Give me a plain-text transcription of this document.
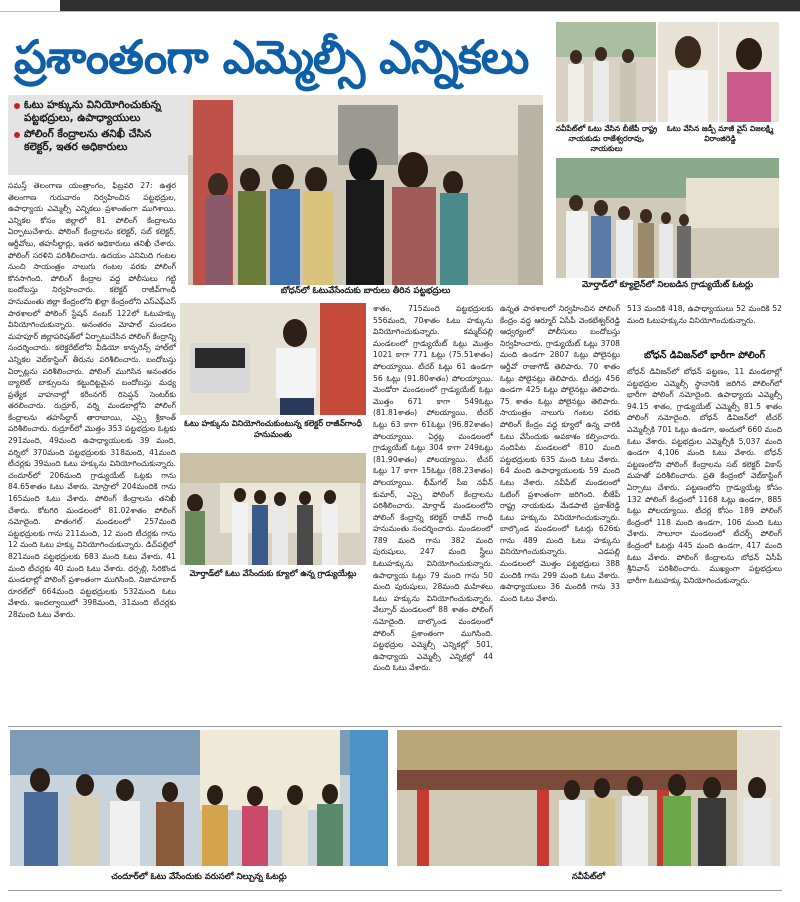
ప్రశాంతంగా ఎమ్మెల్సీ ఎన్నికలు
ఓటు హక్కును వినియోగించుకున్న పట్టభద్రులు, ఉపాధ్యాయులు
పోలింగ్ కేంద్రాలను తనిఖీ చేసిన కలెక్టర్, ఇతర అధికారులు
బోధన్‌లో ఓటువేసేందుకు బారులు తీరిన పట్టభద్రులు
నవీపేట్‌లో ఓటు వేసిన బీజేపీ రాష్ట్ర నాయకుడు రాజేశ్వరరావు, నాయకులు
ఓటు వేసిన జడ్పీ మాజీ వైస్ విజలక్ష్మి విరాంజిరెడ్డి
మోర్తాడ్‌లో క్యూలైన్‌లో నిలబడిన గ్రాడ్యుయేట్ ఓటర్లు
సమస్త్ తెలంగాణ యంత్రాంగం, ఫిబ్రవరి 27: ఉత్తర తెలంగాణ గురువారం నిర్వహించిన పట్టభద్రుల, ఉపాధ్యాయ ఎమ్మెల్సీ ఎన్నికలు ప్రశాంతంగా ముగిశాయి. ఎన్నికల కోసం జిల్లాలో 81 పోలింగ్ కేంద్రాలను ఏర్పాటుచేశారు. పోలింగ్ కేంద్రాలను కలెక్టర్, సబ్ కలెక్టర్, ఆర్డీవోలు, తహసీల్దార్లు, ఇతర అధికారులు తనిఖీ చేశారు. పోలింగ్ సరళిని పరిశీలించారు. ఉదయం ఎనిమిది గంటల నుంచి సాయంత్రం నాలుగు గంటల వరకు పోలింగ్ కొనసాగింది. పోలింగ్ కేంద్రాల వద్ద పోలీసులు గట్టి బందోబస్తు నిర్వహించారు. కలెక్టర్ రాజీవ్‌గాంధీ హనుమంతు జిల్లా కేంద్రంలోని ఖిల్లా కేంద్రంలోని ఎస్ఎఫ్ఎస్ పాఠశాలలో పోలింగ్ స్టేషన్ నంబర్ 122లో ఓటుహక్కు వినియోగించుకున్నారు. అనంతరం మోపాల్ మండలం మహపూర్ జిల్లాపరిషత్‌లో ఏర్పాటుచేసిన పోలింగ్ కేంద్రాన్ని సందర్శించారు. కలెక్టరేట్‌లోని వీడియో కాన్ఫరెన్స్ హాల్‌లో ఎన్నికల వెబ్‌కాస్టింగ్ తీరును పరిశీలించారు. బందోబస్తు ఏర్పాట్లను పరిశీలించారు. పోలింగ్ ముగిసిన అనంతరం బ్యాలెట్ బాక్సులను కట్టుదిట్టమైన బందోబస్తు మధ్య ప్రత్యేక వాహనాల్లో కరీంనగర్ రిసెప్షన్ సెంటర్‌కు తరలించారు. రుద్రూర్, వర్ని మండలాల్లోని పోలింగ్ కేంద్రాలను తహసీల్దార్ తారాబాయి, ఎస్సై శ్రీకాంత్ పరిశీలించారు. రుద్రూర్‌లో మొత్తం 353 పట్టభద్రుల ఓట్లకు 291మంది, 49మంది ఉపాధ్యాయులకు 39 మంది, వర్నిలో 370మంది పట్టభద్రులకు 318మంది, 41మంది టీచర్లకు 39మంది ఓటు హక్కును వినియోగించుకున్నారు. చందూర్‌లో 206మంది గ్రాడ్యుయేట్ ఓట్లకు గాను 84.65శాతం ఓటు వేశారు. మోస్రాలో 204మందికి గాను 165మంది ఓటు వేశారు. పోలింగ్ కేంద్రాలను తనిఖీ చేశారు. కోటగిరి మండలంలో 81.02శాతం పోలింగ్ నమోదైంది. పొతంగల్ మండలంలో 257మంది పట్టభద్రులకు గాను 211మంది, 12 మంది టీచర్లకు గాను 12 మంది ఓటు హక్కు వినియోగించుకున్నారు. డిచ్‌పల్లిలో 821మంది పట్టభద్రులకు 683 మంది ఓటు వేశారు. 41 మంది టీచర్లకు 40 మంది ఓటు వేశారు. ధర్పల్లి, సిరికొండ మండలాల్లో పోలింగ్ ప్రశాంతంగా ముగిసింది. నిజామాబాద్ రూరల్‌లో 664మంది పట్టభద్రులకు 532మంది ఓటు వేశారు. ఇందల్వాయిలో 398మంది, 31మంది టీచర్లకు 28మంది ఓటు వేశారు.
ఓటు హక్కును వినియోగించుకుంటున్న కలెక్టర్ రాజీవ్‌గాంధీ హనుమంతు
మోర్తాడ్‌లో ఓటు వేసేందుకు క్యూలో ఉన్న గ్రాడ్యుయేట్లు
శాతం, 715మంది పట్టభద్రులకు 556మంది, 70శాతం ఓటు హక్కును వినియోగించుకున్నారు. కమ్మర్‌పల్లి మండలంలో గ్రాడ్యుయేట్ ఓట్లు మొత్తం 1021 కాగా 771 ఓట్లు (75.51శాతం) పోలయ్యాయి. టీచర్ ఓట్లు 61 ఉండగా 56 ఓట్లు (91.80శాతం) పోలయ్యాయి. మెండోరా మండలంలో గ్రాడ్యుయేట్ ఓట్లు మొత్తం 671 కాగా 549ఓట్లు (81.81శాతం) పోలయ్యాయి. టీచర్ ఓట్లు 63 కాగా 61ఓట్లు (96.82శాతం) పోలయ్యాయి. ఏర్గట్ల మండలంలో గ్రాడ్యుయేట్ ఓట్లు 304 కాగా 249ఓట్లు (81.90శాతం) పోలయ్యాయి. టీచర్ ఓట్లు 17 కాగా 15ఓట్లు (88.23శాతం) పోలయ్యాయి. భీమ్‌గల్ సీఐ నవీన్ కుమార్, ఎస్సై పోలింగ్ కేంద్రాలను పరిశీలించారు. మోర్తాడ్ మండలంలోని పోలింగ్ కేంద్రాన్ని కలెక్టర్ రాజీవ్ గాంధీ హనుమంతు సందర్శించారు. మండలంలో 789 మంది గాను 382 మంది పురుషులు, 247 మంది స్త్రీలు ఓటుహక్కును వినియోగించుకున్నారు. ఉపాధ్యాయ ఓట్లు 79 మంది గాను 50 మంది పురుషులు, 28మంది మహిళలు ఓటు హక్కును వినియోగించుకున్నారు. వేల్పూర్ మండలంలో 88 శాతం పోలింగ్ నమోదైంది. బాల్కొండ మండలంలో పోలింగ్ ప్రశాంతంగా ముగిసింది. పట్టభద్రుల ఎమ్మెల్సీ ఎన్నికల్లో 501, ఉపాధ్యాయ ఎమ్మెల్సీ ఎన్నికల్లో 44 మంది ఓటు వేశారు.
ఉన్నత పాఠశాలలో నిర్వహించిన పోలింగ్ కేంద్రం వద్ద ఆర్మూర్ ఏసీపీ వెంకటేశ్వర్‌రెడ్డి ఆధ్వర్యంలో పోలీసులు బందోబస్తు నిర్వహించారు. గ్రాడ్యుయేట్ ఓట్లు 3708 మంది ఉండగా 2807 ఓట్లు పోలైనట్లు ఆర్డీవో రాజాగౌడ్ తెలిపారు. 70 శాతం ఓట్లు పోలైనట్లు తెలిపారు. టీచర్లు 456 ఉండగా 425 ఓట్లు పోలైనట్లు తెలిపారు. 75 శాతం ఓట్లు పోలైనట్లు తెలిపారు. సాయంత్రం నాలుగు గంటల వరకు పోలింగ్ కేంద్రం వద్ద క్యూలో ఉన్న వారికి ఓటు వేసేందుకు అవకాశం కల్పించారు. నందిపేట మండలంలో 810 మంది పట్టభద్రులకు 635 మంది ఓటు వేశారు. 64 మంది ఉపాధ్యాయులకు 59 మంది ఓటు వేశారు. నవీపేట్ మండలంలో ఓటింగ్ ప్రశాంతంగా జరిగింది. బీజేపీ రాష్ట్ర నాయకుడు మేడపాటి ప్రకాశ్‌రెడ్డి ఓటు హక్కును వినియోగించుకున్నారు. బాల్కొండ మండలంలో ఓటర్లు 626కు గాను 489 మంది ఓటు హక్కును వినియోగించుకున్నారు. ఎడపల్లి మండలంలో మొత్తం పట్టభద్రులు 388 మందికి గాను 299 మంది ఓటు వేశారు. ఉపాధ్యాయులు 36 మందికి గాను 33 మంది ఓటు వేశారు.
513 మందికి 418, ఉపాధ్యాయులు 52 మందికి 52 మంది ఓటుహక్కును వినియోగించుకున్నారు.
బోధన్ డివిజన్‌లో భారీగా పోలింగ్
బోధన్ డివిజన్‌లో బోధన్ పట్టణం, 11 మండలాల్లో పట్టభద్రుల ఎమ్మెల్సీ స్థానానికి జరిగిన పోలింగ్‌లో భారీగా పోలింగ్ నమోదైంది. ఉపాధ్యాయ ఎమ్మెల్సీ 94.15 శాతం, గ్రాడ్యుయేట్ ఎమ్మెల్సీ 81.5 శాతం పోలింగ్ నమోదైంది. బోధన్ డివిజన్‌లో టీచర్ ఎమ్మెల్సీకి 701 ఓట్లు ఉండగా, అందులో 660 మంది ఓటు వేశారు. పట్టభద్రుల ఎమ్మెల్సీకి 5,037 మంది ఉండగా 4,106 మంది ఓటు వేశారు. బోధన్ పట్టణంలోని పోలింగ్ కేంద్రాలను సబ్ కలెక్టర్ వికాస్ మహతో పరిశీలించారు. ప్రతి కేంద్రంలో వెబ్‌కాస్టింగ్ ఏర్పాటు చేశారు. పట్టణంలోని గ్రాడ్యుయేట్ల కోసం 132 పోలింగ్ కేంద్రంలో 1168 ఓట్లు ఉండగా, 885 ఓట్లు పోలయ్యాయి. టీచర్ల కోసం 189 పోలింగ్ కేంద్రంలో 118 మంది ఉండగా, 106 మంది ఓటు వేశారు. సాలూరా మండలంలో టీచర్స్ పోలింగ్ కేంద్రంలో ఓటర్లు 445 మంది ఉండగా, 417 మంది ఓటు వేశారు. పోలింగ్ కేంద్రాలను బోధన్ ఏసీపీ శ్రీనివాస్ పరిశీలించారు. ముఖ్యంగా పట్టభద్రులు భారీగా ఓటుహక్కు వినియోగించుకున్నారు.
చందూర్‌లో ఓటు వేసేందుకు వరుసలో నిల్చున్న ఓటర్లు	నవీపేట్‌లో
